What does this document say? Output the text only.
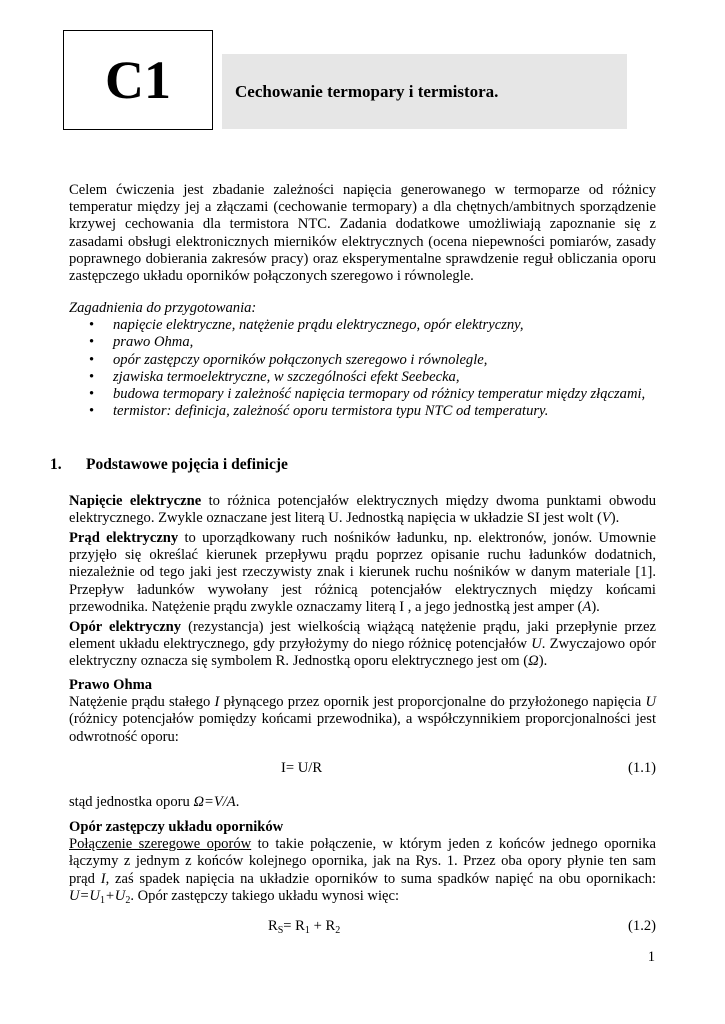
C1	Cechowanie termopary i termistora.
Celem ćwiczenia jest zbadanie zależności napięcia generowanego w termoparze od różnicy temperatur między jej a złączami (cechowanie termopary) a dla chętnych/ambitnych sporządzenie krzywej cechowania dla termistora NTC. Zadania dodatkowe umożliwiają zapoznanie się z zasadami obsługi elektronicznych mierników elektrycznych (ocena niepewności pomiarów, zasady poprawnego dobierania zakresów pracy) oraz eksperymentalne sprawdzenie reguł obliczania oporu zastępczego układu oporników połączonych szeregowo i równolegle.
Zagadnienia do przygotowania:
• napięcie elektryczne, natężenie prądu elektrycznego, opór elektryczny,
• prawo Ohma,
• opór zastępczy oporników połączonych szeregowo i równolegle,
• zjawiska termoelektryczne, w szczególności efekt Seebecka,
• budowa termopary i zależność napięcia termopary od różnicy temperatur między złączami,
• termistor: definicja, zależność oporu termistora typu NTC od temperatury.
1. Podstawowe pojęcia i definicje
Napięcie elektryczne to różnica potencjałów elektrycznych między dwoma punktami obwodu elektrycznego. Zwykle oznaczane jest literą U. Jednostką napięcia w układzie SI jest wolt (V).
Prąd elektryczny to uporządkowany ruch nośników ładunku, np. elektronów, jonów. Umownie przyjęło się określać kierunek przepływu prądu poprzez opisanie ruchu ładunków dodatnich, niezależnie od tego jaki jest rzeczywisty znak i kierunek ruchu nośników w danym materiale [1]. Przepływ ładunków wywołany jest różnicą potencjałów elektrycznych między końcami przewodnika. Natężenie prądu zwykle oznaczamy literą I , a jego jednostką jest amper (A).
Opór elektryczny (rezystancja) jest wielkością wiążącą natężenie prądu, jaki przepłynie przez element układu elektrycznego, gdy przyłożymy do niego różnicę potencjałów U. Zwyczajowo opór elektryczny oznacza się symbolem R. Jednostką oporu elektrycznego jest om (Ω).
Prawo Ohma
Natężenie prądu stałego I płynącego przez opornik jest proporcjonalne do przyłożonego napięcia U (różnicy potencjałów pomiędzy końcami przewodnika), a współczynnikiem proporcjonalności jest odwrotność oporu:
I= U/R	(1.1)
stąd jednostka oporu Ω=V/A.
Opór zastępczy układu oporników
Połączenie szeregowe oporów to takie połączenie, w którym jeden z końców jednego opornika łączymy z jednym z końców kolejnego opornika, jak na Rys. 1. Przez oba opory płynie ten sam prąd I, zaś spadek napięcia na układzie oporników to suma spadków napięć na obu opornikach: $U=U_1+U_2$. Opór zastępczy takiego układu wynosi więc:
$R_S= R_1 + R_2$	(1.2)
1
